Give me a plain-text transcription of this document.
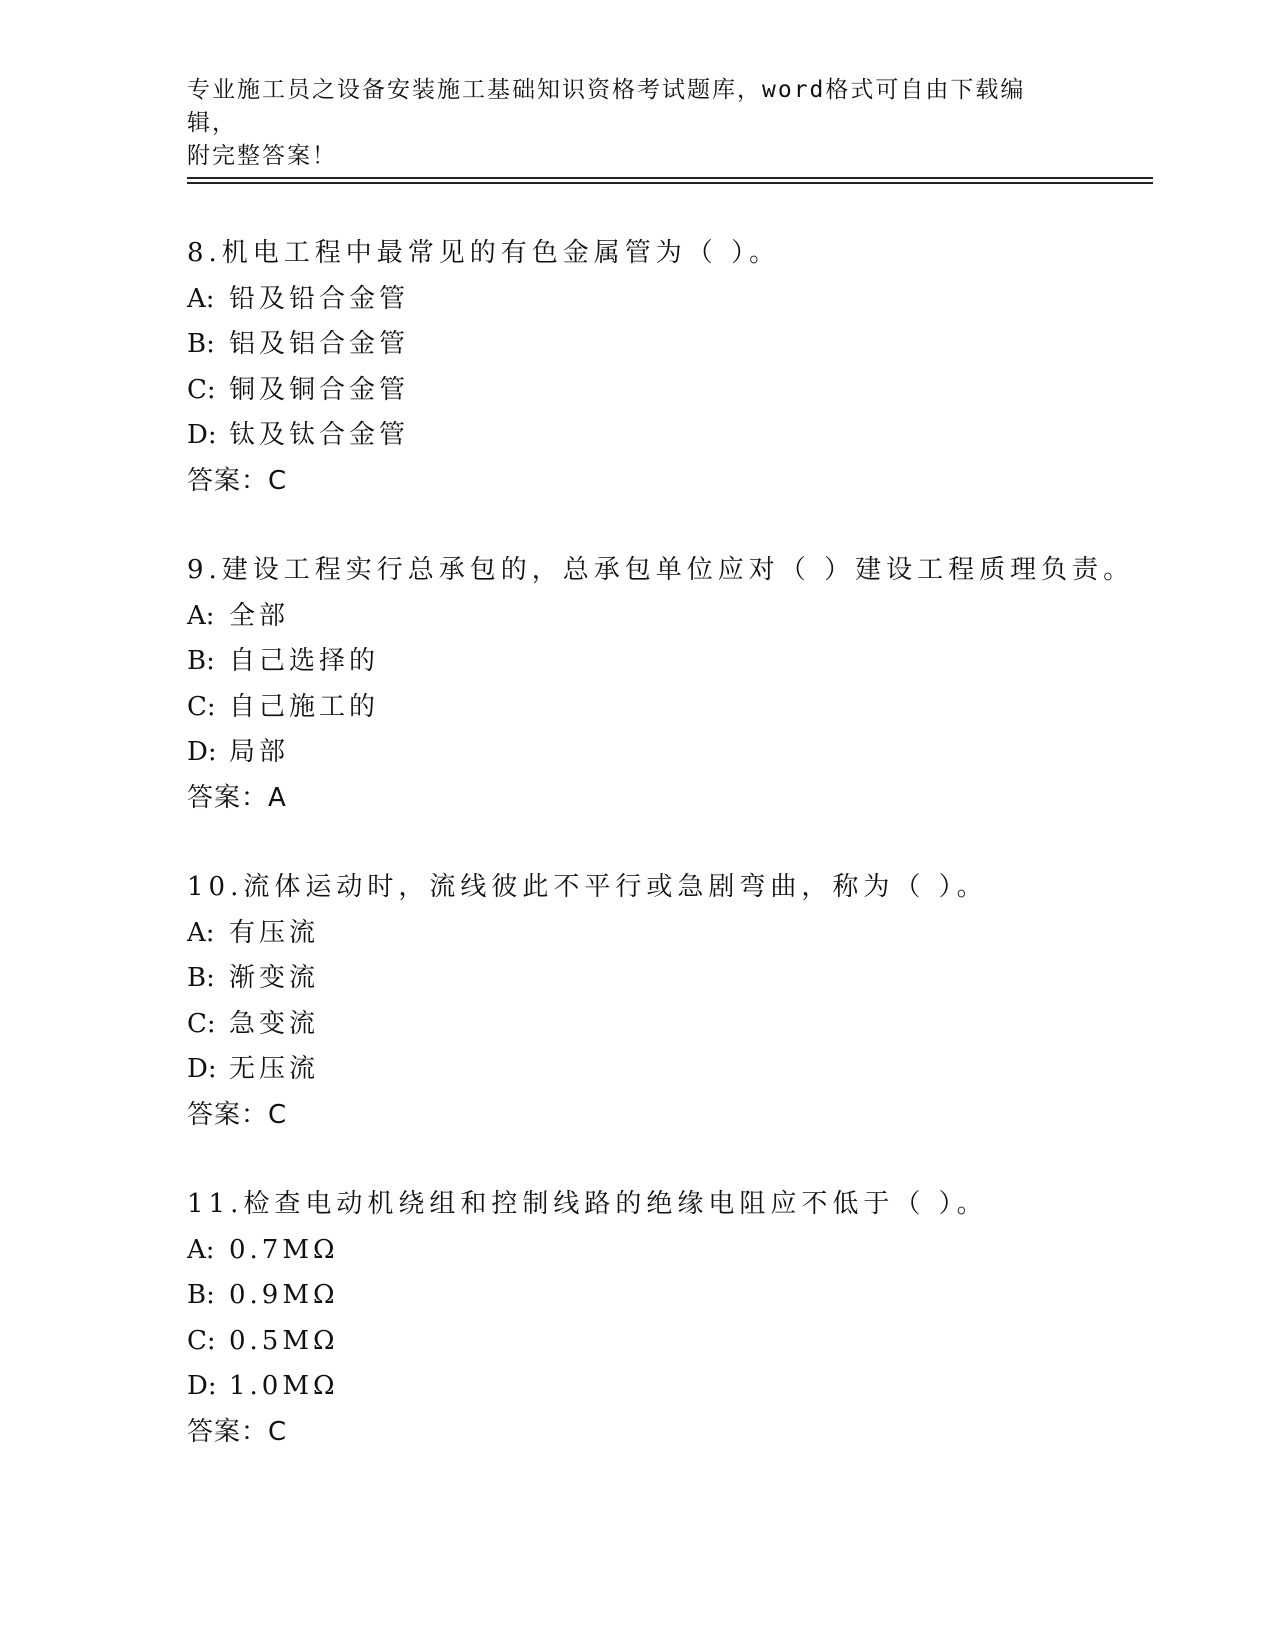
专业施工员之设备安装施工基础知识资格考试题库，word格式可自由下载编辑，
附完整答案！
8.机电工程中最常见的有色金属管为（ ）。
A: 铅及铅合金管
B: 铝及铝合金管
C: 铜及铜合金管
D: 钛及钛合金管
答案：C
9.建设工程实行总承包的，总承包单位应对（ ）建设工程质理负责。
A: 全部
B: 自己选择的
C: 自己施工的
D: 局部
答案：A
10.流体运动时，流线彼此不平行或急剧弯曲，称为（ ）。
A: 有压流
B: 渐变流
C: 急变流
D: 无压流
答案：C
11.检查电动机绕组和控制线路的绝缘电阻应不低于（ ）。
A: 0.7MΩ
B: 0.9MΩ
C: 0.5MΩ
D: 1.0MΩ
答案：C
